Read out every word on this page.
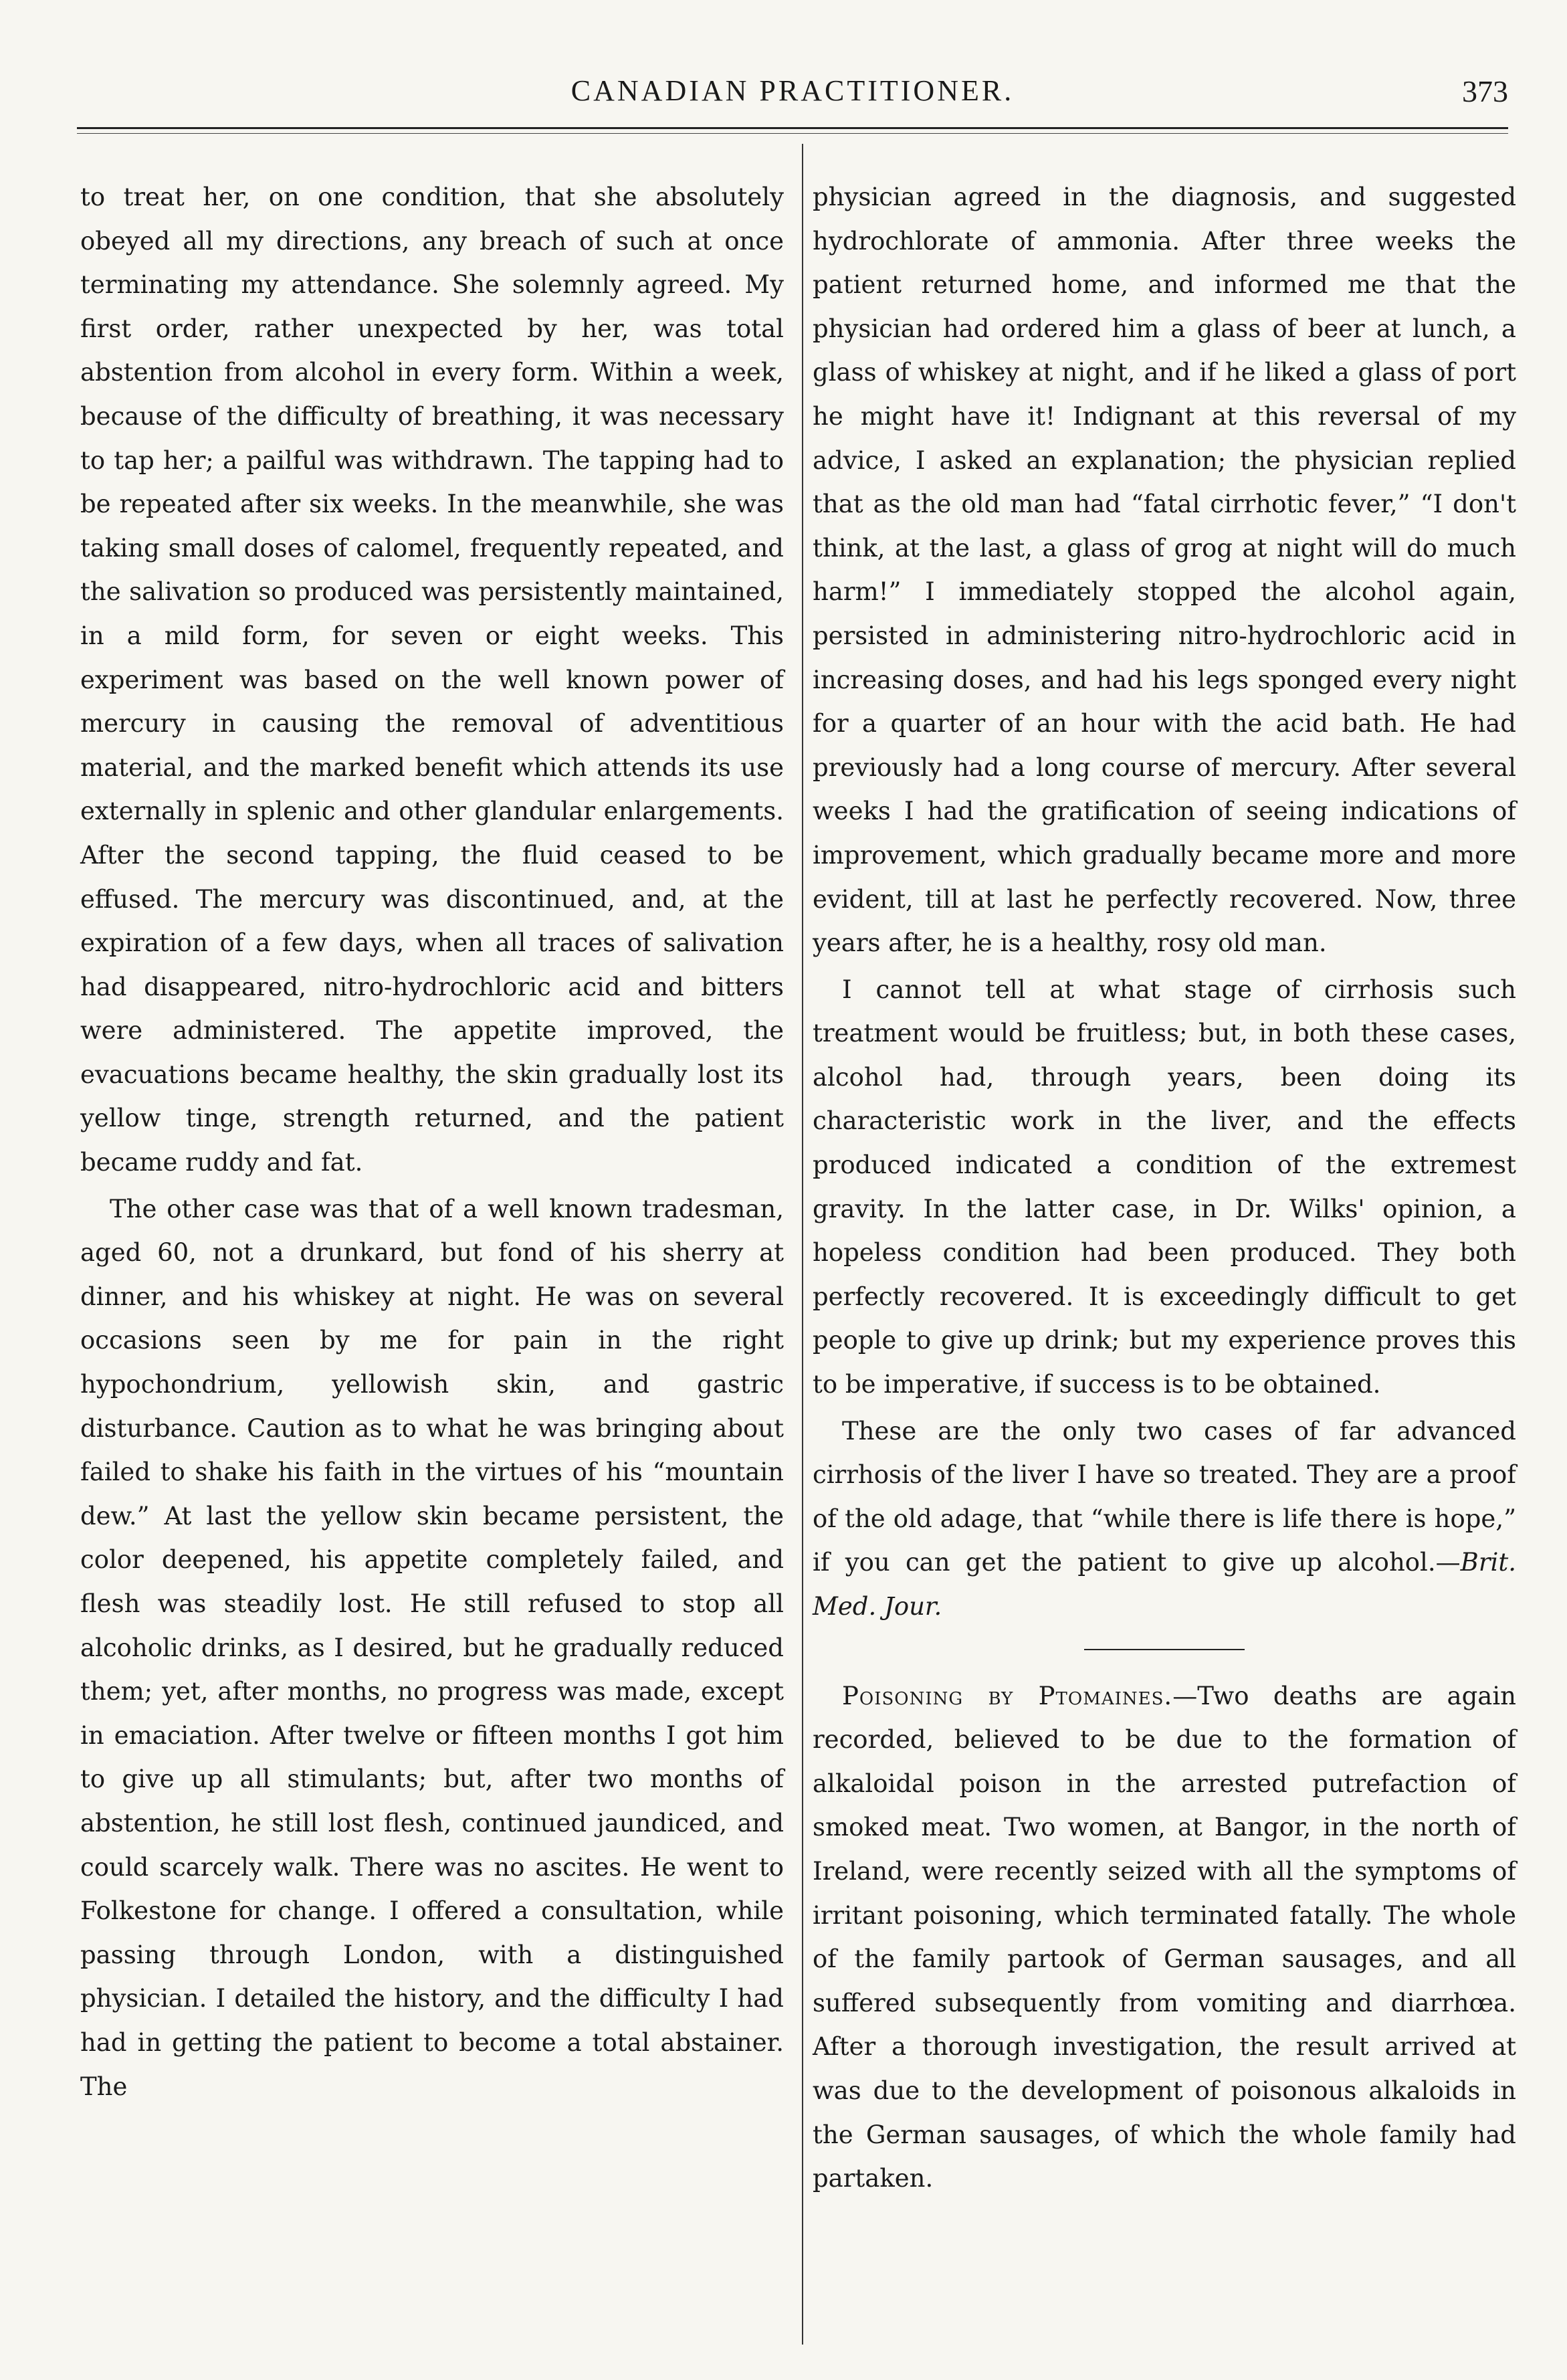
CANADIAN PRACTITIONER.	373

to treat her, on one condition, that she absolutely obeyed all my directions, any breach of such at once terminating my attendance. She solemnly agreed. My first order, rather unexpected by her, was total abstention from alcohol in every form. Within a week, because of the difficulty of breathing, it was necessary to tap her; a pailful was withdrawn. The tapping had to be repeated after six weeks. In the meanwhile, she was taking small doses of calomel, frequently repeated, and the salivation so produced was persistently maintained, in a mild form, for seven or eight weeks. This experiment was based on the well known power of mercury in causing the removal of adventitious material, and the marked benefit which attends its use externally in splenic and other glandular enlargements. After the second tapping, the fluid ceased to be effused. The mercury was discontinued, and, at the expiration of a few days, when all traces of salivation had disappeared, nitro-hydrochloric acid and bitters were administered. The appetite improved, the evacuations became healthy, the skin gradually lost its yellow tinge, strength returned, and the patient became ruddy and fat.

The other case was that of a well known tradesman, aged 60, not a drunkard, but fond of his sherry at dinner, and his whiskey at night. He was on several occasions seen by me for pain in the right hypochondrium, yellowish skin, and gastric disturbance. Caution as to what he was bringing about failed to shake his faith in the virtues of his “mountain dew.” At last the yellow skin became persistent, the color deepened, his appetite completely failed, and flesh was steadily lost. He still refused to stop all alcoholic drinks, as I desired, but he gradually reduced them; yet, after months, no progress was made, except in emaciation. After twelve or fifteen months I got him to give up all stimulants; but, after two months of abstention, he still lost flesh, continued jaundiced, and could scarcely walk. There was no ascites. He went to Folkestone for change. I offered a consultation, while passing through London, with a distinguished physician. I detailed the history, and the difficulty I had had in getting the patient to become a total abstainer. The

physician agreed in the diagnosis, and suggested hydrochlorate of ammonia. After three weeks the patient returned home, and informed me that the physician had ordered him a glass of beer at lunch, a glass of whiskey at night, and if he liked a glass of port he might have it! Indignant at this reversal of my advice, I asked an explanation; the physician replied that as the old man had “fatal cirrhotic fever,” “I don't think, at the last, a glass of grog at night will do much harm!” I immediately stopped the alcohol again, persisted in administering nitro-hydrochloric acid in increasing doses, and had his legs sponged every night for a quarter of an hour with the acid bath. He had previously had a long course of mercury. After several weeks I had the gratification of seeing indications of improvement, which gradually became more and more evident, till at last he perfectly recovered. Now, three years after, he is a healthy, rosy old man.

I cannot tell at what stage of cirrhosis such treatment would be fruitless; but, in both these cases, alcohol had, through years, been doing its characteristic work in the liver, and the effects produced indicated a condition of the extremest gravity. In the latter case, in Dr. Wilks' opinion, a hopeless condition had been produced. They both perfectly recovered. It is exceedingly difficult to get people to give up drink; but my experience proves this to be imperative, if success is to be obtained.

These are the only two cases of far advanced cirrhosis of the liver I have so treated. They are a proof of the old adage, that “while there is life there is hope,” if you can get the patient to give up alcohol.—Brit. Med. Jour.

Poisoning by Ptomaines.—Two deaths are again recorded, believed to be due to the formation of alkaloidal poison in the arrested putrefaction of smoked meat. Two women, at Bangor, in the north of Ireland, were recently seized with all the symptoms of irritant poisoning, which terminated fatally. The whole of the family partook of German sausages, and all suffered subsequently from vomiting and diarrhœa. After a thorough investigation, the result arrived at was due to the development of poisonous alkaloids in the German sausages, of which the whole family had partaken.
